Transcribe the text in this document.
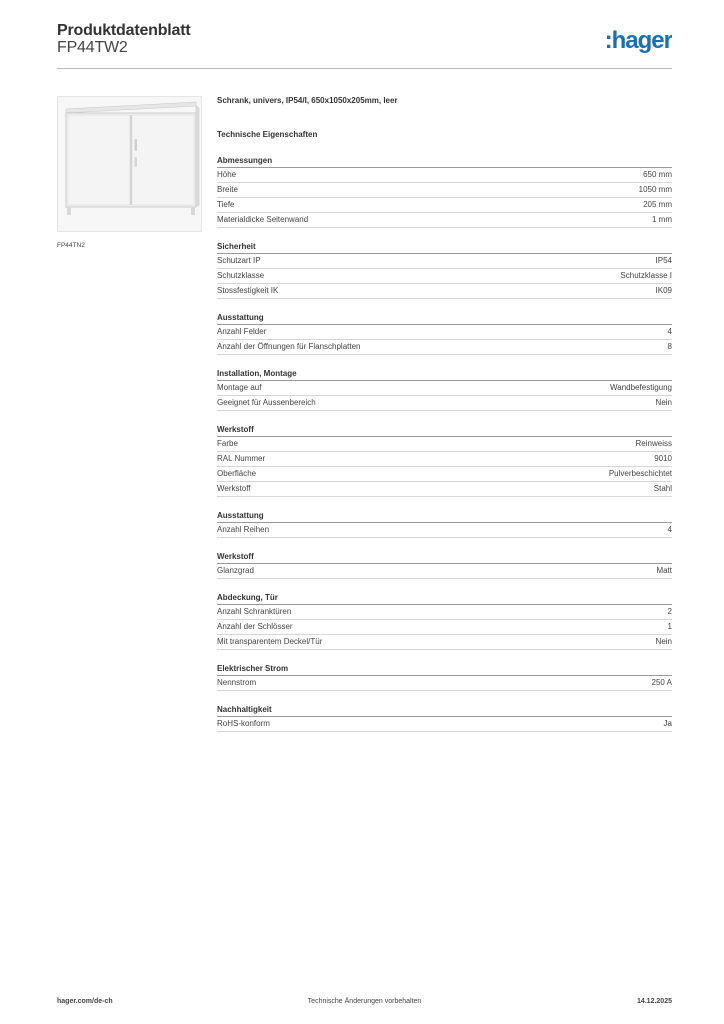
Produktdatenblatt
FP44TW2	:hager
FP44TN2
Schrank, univers, IP54/I, 650x1050x205mm, leer
Technische Eigenschaften
Abmessungen
Höhe	650 mm
Breite	1050 mm
Tiefe	205 mm
Materialdicke Seitenwand	1 mm
Sicherheit
Schutzart IP	IP54
Schutzklasse	Schutzklasse I
Stossfestigkeit IK	IK09
Ausstattung
Anzahl Felder	4
Anzahl der Öffnungen für Flanschplatten	8
Installation, Montage
Montage auf	Wandbefestigung
Geeignet für Aussenbereich	Nein
Werkstoff
Farbe	Reinweiss
RAL Nummer	9010
Oberfläche	Pulverbeschichtet
Werkstoff	Stahl
Ausstattung
Anzahl Reihen	4
Werkstoff
Glanzgrad	Matt
Abdeckung, Tür
Anzahl Schranktüren	2
Anzahl der Schlösser	1
Mit transparentem Deckel/Tür	Nein
Elektrischer Strom
Nennstrom	250 A
Nachhaltigkeit
RoHS-konform	Ja
hager.com/de-ch	Technische Änderungen vorbehalten	14.12.2025
